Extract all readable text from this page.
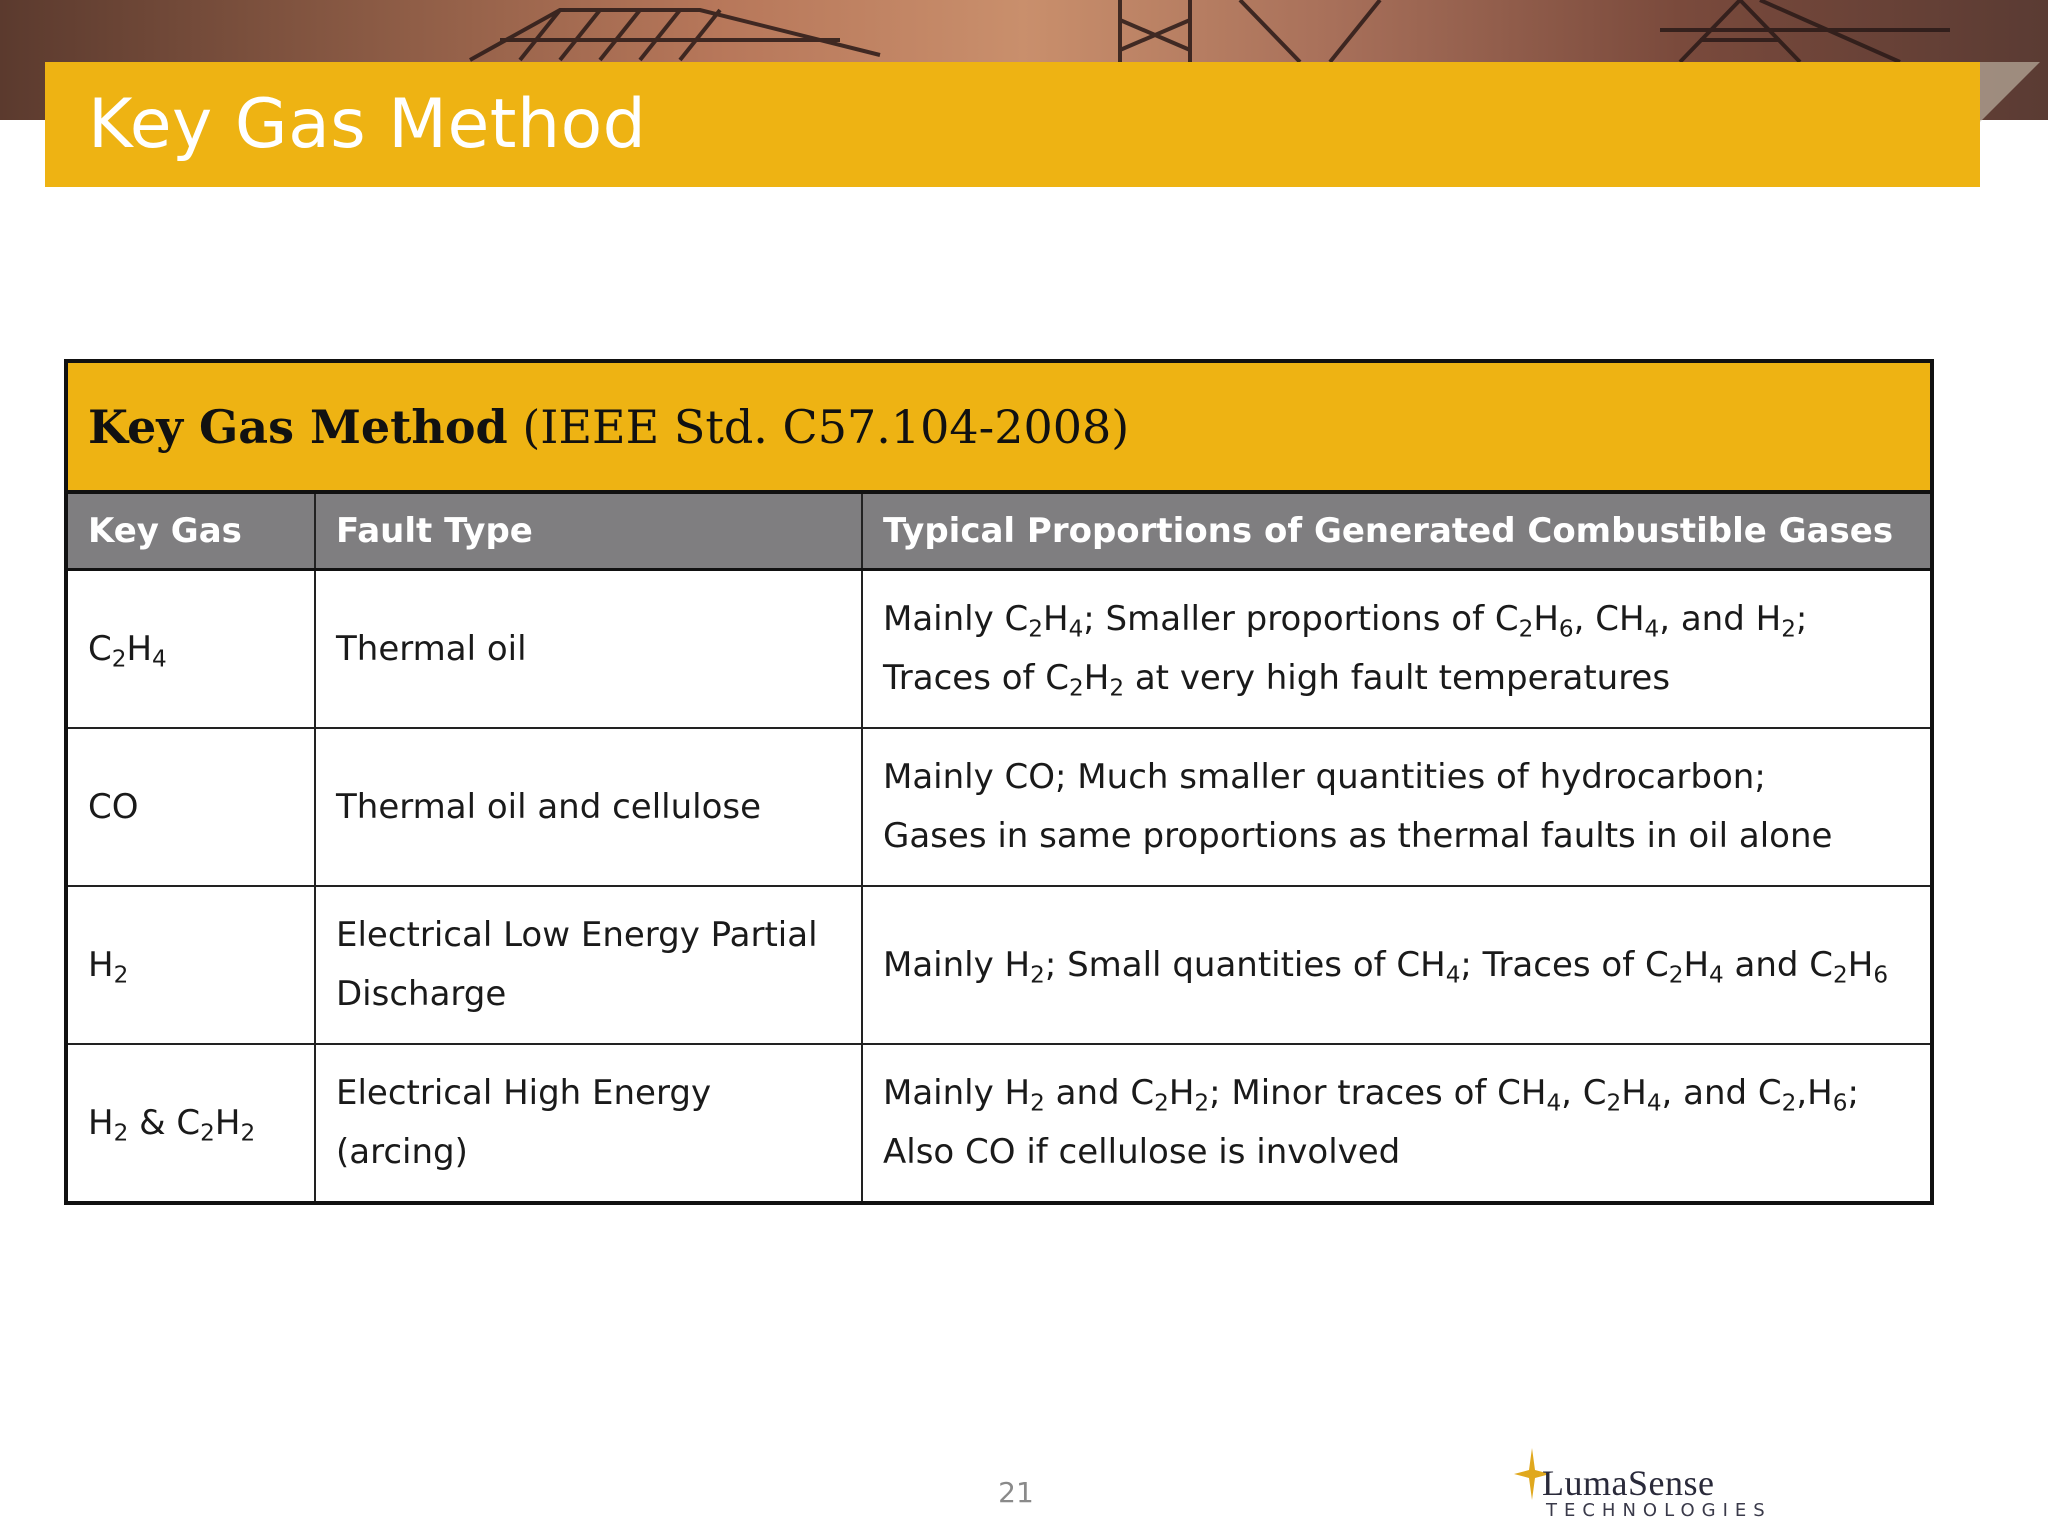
Key Gas Method
Key Gas Method (IEEE Std. C57.104-2008)		
Key Gas	Fault Type	Typical Proportions of Generated Combustible Gases
$C_2H_4$	Thermal oil	Mainly $C_2H_4$; Smaller proportions of $C_2H_6$, $CH_4$, and $H_2$;
Traces of $C_2H_2$ at very high fault temperatures
CO	Thermal oil and cellulose	Mainly CO; Much smaller quantities of hydrocarbon;
Gases in same proportions as thermal faults in oil alone
$H_2$	Electrical Low Energy Partial Discharge	Mainly $H_2$; Small quantities of $CH_4$; Traces of $C_2H_4$ and $C_2H_6$
$H_2$ & $C_2H_2$	Electrical High Energy (arcing)	Mainly $H_2$ and $C_2H_2$; Minor traces of $CH_4$, $C_2H_4$, and $C_2,H_6$;
Also CO if cellulose is involved
21	LumaSense
TECHNOLOGIES
